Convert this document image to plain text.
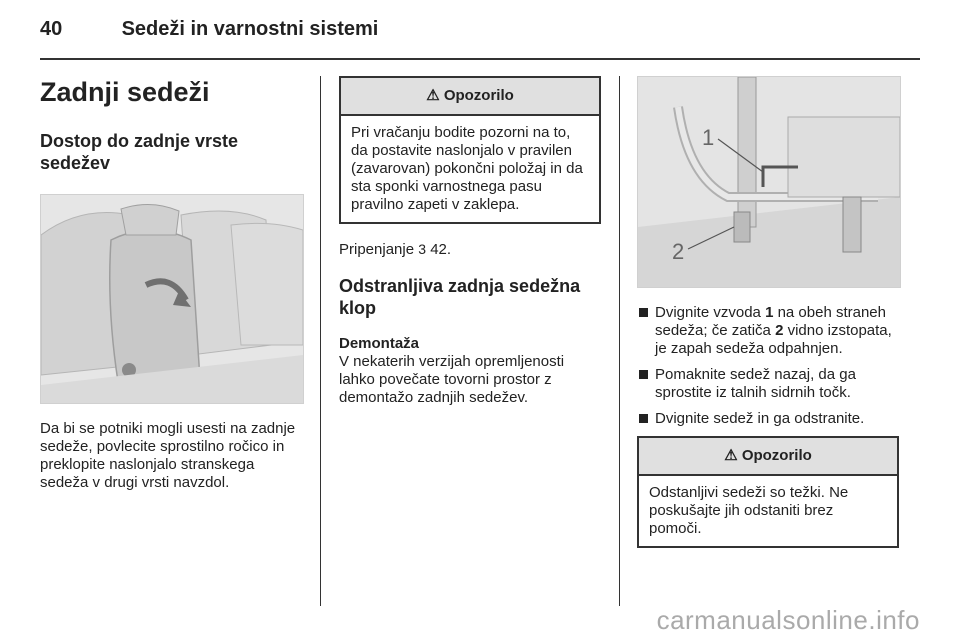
40	Sedeži in varnostni sistemi
Zadnji sedeži
Dostop do zadnje vrste sedežev

Da bi se potniki mogli usesti na zadnje sedeže, povlecite sprostilno ročico in preklopite naslonjalo stranskega sedeža v drugi vrsti navzdol.

⚠ Opozorilo
Pri vračanju bodite pozorni na to, da postavite naslonjalo v pravilen (zavarovan) pokončni položaj in da sta sponki varnostnega pasu pravilno zapeti v zaklepa.

Pripenjanje 3 42.

Odstranljiva zadnja sedežna klop

Demontaža

V nekaterih verzijah opremljenosti lahko povečate tovorni prostor z demontažo zadnjih sedežev.

1
2
Dvignite vzvoda 1 na obeh straneh sedeža; če zatiča 2 vidno izstopata, je zapah sedeža odpahnjen.
Pomaknite sedež nazaj, da ga sprostite iz talnih sidrnih točk.
Dvignite sedež in ga odstranite.
⚠ Opozorilo
Odstanljivi sedeži so težki. Ne poskušajte jih odstaniti brez pomoči.
carmanualsonline.info
